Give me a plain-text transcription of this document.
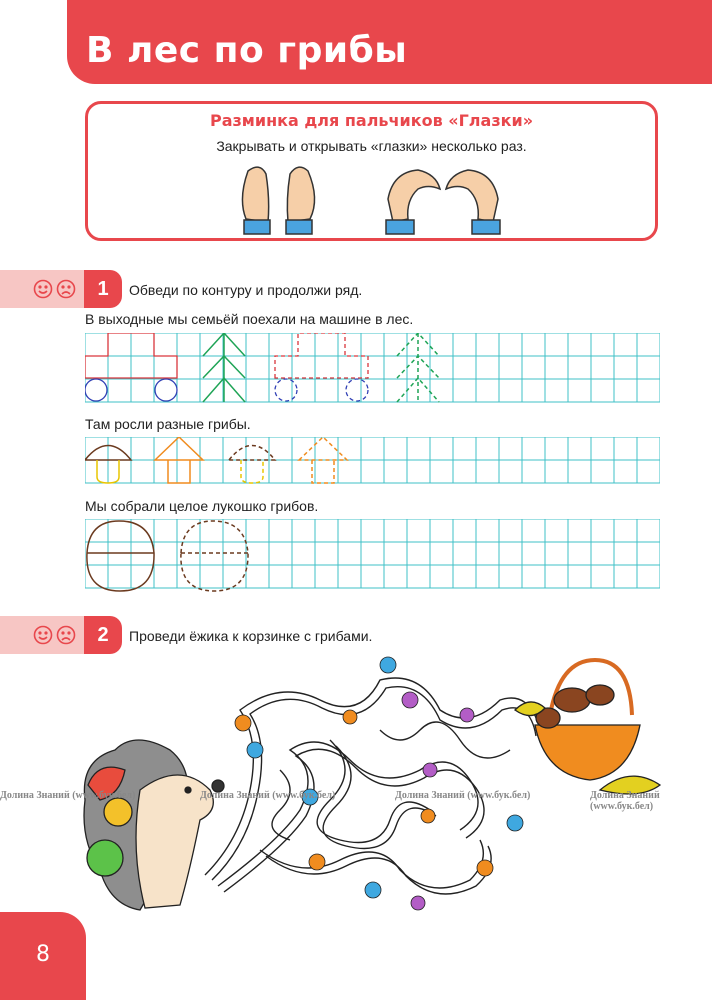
В лес по грибы
Разминка для пальчиков «Глазки»
Закрывать и открывать «глазки» несколько раз.
1	Обведи по контуру и продолжи ряд.
В выходные мы семьёй поехали на машине в лес.
Там росли разные грибы.
Мы собрали целое лукошко грибов.
2	Проведи ёжика к корзинке с грибами.
Долина Знаний (www.бук.бел)	Долина Знаний (www.бук.бел)	Долина Знаний (www.бук.бел)	Долина Знаний (www.бук.бел)
8
